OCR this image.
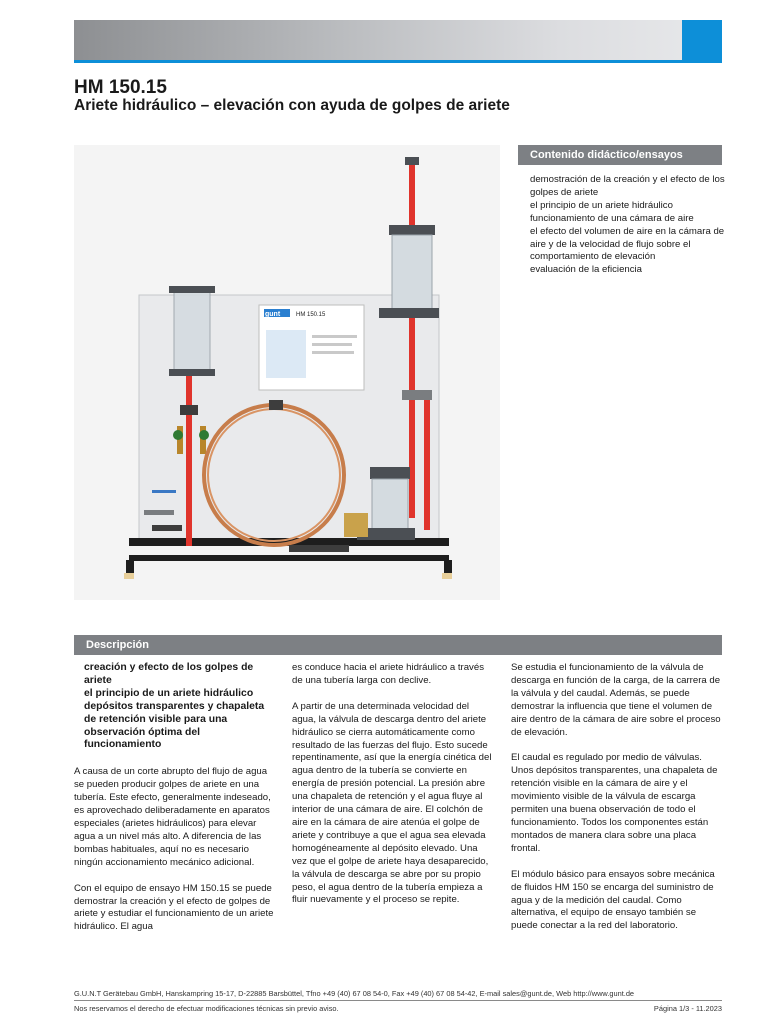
HM 150.15
Ariete hidráulico – elevación con ayuda de golpes de ariete
gunt	HM 150.15
Contenido didáctico/ensayos
demostración de la creación y el efecto de los golpes de ariete
el principio de un ariete hidráulico
funcionamiento de una cámara de aire
el efecto del volumen de aire en la cámara de aire y de la velocidad de flujo sobre el comportamiento de elevación
evaluación de la eficiencia
Descripción
creación y efecto de los golpes de ariete
el principio de un ariete hidráulico
depósitos transparentes y chapaleta de retención visible para una observación óptima del funcionamiento

A causa de un corte abrupto del flujo de agua se pueden producir golpes de ariete en una tubería. Este efecto, generalmente indeseado, es aprovechado deliberadamente en aparatos especiales (arietes hidráulicos) para elevar agua a un nivel más alto. A diferencia de las bombas habituales, aquí no es necesario ningún accionamiento mecánico adicional.

Con el equipo de ensayo HM 150.15 se puede demostrar la creación y el efecto de golpes de ariete y estudiar el funcionamiento de un ariete hidráulico. El agua

es conduce hacia el ariete hidráulico a través de una tubería larga con declive.

A partir de una determinada velocidad del agua, la válvula de descarga dentro del ariete hidráulico se cierra automáticamente como resultado de las fuerzas del flujo. Esto sucede repentinamente, así que la energía cinética del agua dentro de la tubería se convierte en energía de presión potencial. La presión abre una chapaleta de retención y el agua fluye al interior de una cámara de aire. El colchón de aire en la cámara de aire atenúa el golpe de ariete y contribuye a que el agua sea elevada homogéneamente al depósito elevado. Una vez que el golpe de ariete haya desaparecido, la válvula de descarga se abre por su propio peso, el agua dentro de la tubería empieza a fluir nuevamente y el proceso se repite.

Se estudia el funcionamiento de la válvula de descarga en función de la carga, de la carrera de la válvula y del caudal. Además, se puede demostrar la influencia que tiene el volumen de aire dentro de la cámara de aire sobre el proceso de elevación.

El caudal es regulado por medio de válvulas. Unos depósitos transparentes, una chapaleta de retención visible en la cámara de aire y el movimiento visible de la válvula de escarga permiten una buena observación de todo el funcionamiento. Todos los componentes están montados de manera clara sobre una placa frontal.

El módulo básico para ensayos sobre mecánica de fluidos HM 150 se encarga del suministro de agua y de la medición del caudal. Como alternativa, el equipo de ensayo también se puede conectar a la red del laboratorio.

G.U.N.T Gerätebau GmbH, Hanskampring 15-17, D-22885 Barsbüttel, Tfno +49 (40) 67 08 54-0, Fax +49 (40) 67 08 54-42, E-mail sales@gunt.de, Web http://www.gunt.de
Nos reservamos el derecho de efectuar modificaciones técnicas sin previo aviso.	Página 1/3 - 11.2023
